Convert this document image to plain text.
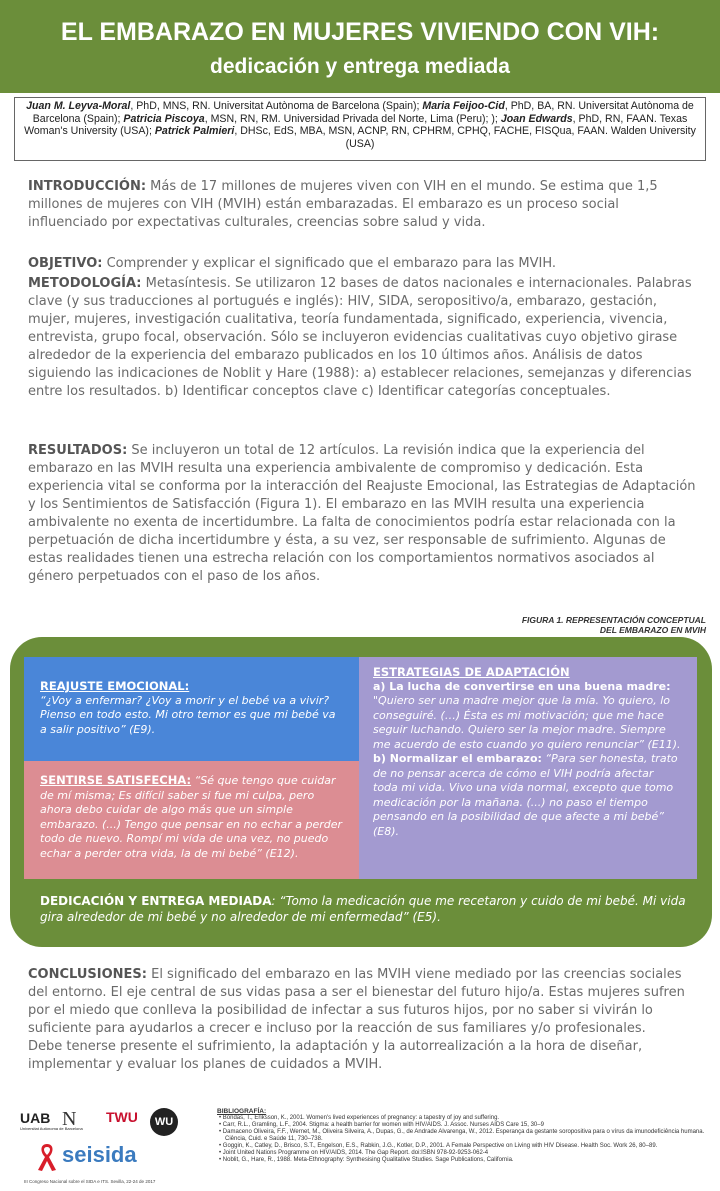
EL EMBARAZO EN MUJERES VIVIENDO CON VIH:
dedicación y entrega mediada
Juan M. Leyva-Moral, PhD, MNS, RN. Universitat Autònoma de Barcelona (Spain); Maria Feijoo-Cid, PhD, BA, RN. Universitat Autònoma de Barcelona (Spain); Patricia Piscoya, MSN, RN, RM. Universidad Privada del Norte, Lima (Peru); ); Joan Edwards, PhD, RN, FAAN. Texas Woman's University (USA); Patrick Palmieri, DHSc, EdS, MBA, MSN, ACNP, RN, CPHRM, CPHQ, FACHE, FISQua, FAAN. Walden University (USA)
INTRODUCCIÓN: Más de 17 millones de mujeres viven con VIH en el mundo. Se estima que 1,5 millones de mujeres con VIH (MVIH) están embarazadas. El embarazo es un proceso social influenciado por expectativas culturales, creencias sobre salud y vida.
OBJETIVO: Comprender y explicar el significado que el embarazo para las MVIH.
METODOLOGÍA: Metasíntesis. Se utilizaron 12 bases de datos nacionales e internacionales. Palabras clave (y sus traducciones al portugués e inglés): HIV, SIDA, seropositivo/a, embarazo, gestación, mujer, mujeres, investigación cualitativa, teoría fundamentada, significado, experiencia, vivencia, entrevista, grupo focal, observación. Sólo se incluyeron evidencias cualitativas cuyo objetivo girase alrededor de la experiencia del embarazo publicados en los 10 últimos años. Análisis de datos siguiendo las indicaciones de Noblit y Hare (1988): a) establecer relaciones, semejanzas y diferencias entre los resultados. b) Identificar conceptos clave c) Identificar categorías conceptuales.
RESULTADOS: Se incluyeron un total de 12 artículos. La revisión indica que la experiencia del embarazo en las MVIH resulta una experiencia ambivalente de compromiso y dedicación. Esta experiencia vital se conforma por la interacción del Reajuste Emocional, las Estrategias de Adaptación y los Sentimientos de Satisfacción (Figura 1). El embarazo en las MVIH resulta una experiencia ambivalente no exenta de incertidumbre. La falta de conocimientos podría estar relacionada con la perpetuación de dicha incertidumbre y ésta, a su vez, ser responsable de sufrimiento. Algunas de estas realidades tienen una estrecha relación con los comportamientos normativos asociados al género perpetuados con el paso de los años.
FIGURA 1. REPRESENTACIÓN CONCEPTUAL
DEL EMBARAZO EN MVIH
REAJUSTE EMOCIONAL:
“¿Voy a enfermar? ¿Voy a morir y el bebé va a vivir? Pienso en todo esto. Mi otro temor es que mi bebé va a salir positivo” (E9).
SENTIRSE SATISFECHA: “Sé que tengo que cuidar de mí misma; Es difícil saber si fue mi culpa, pero ahora debo cuidar de algo más que un simple embarazo. (...) Tengo que pensar en no echar a perder todo de nuevo. Rompí mi vida de una vez, no puedo echar a perder otra vida, la de mi bebé” (E12).
ESTRATEGIAS DE ADAPTACIÓN
a) La lucha de convertirse en una buena madre: "Quiero ser una madre mejor que la mía. Yo quiero, lo conseguiré. (…) Ésta es mi motivación; que me hace seguir luchando. Quiero ser la mejor madre. Siempre me acuerdo de esto cuando yo quiero renunciar” (E11).
b) Normalizar el embarazo: “Para ser honesta, trato de no pensar acerca de cómo el VIH podría afectar toda mi vida. Vivo una vida normal, excepto que tomo medicación por la mañana. (...) no paso el tiempo pensando en la posibilidad de que afecte a mi bebé” (E8).
DEDICACIÓN Y ENTREGA MEDIADA: “Tomo la medicación que me recetaron y cuido de mi bebé. Mi vida gira alrededor de mi bebé y no alrededor de mi enfermedad” (E5).
CONCLUSIONES: El significado del embarazo en las MVIH viene mediado por las creencias sociales del entorno. El eje central de sus vidas pasa a ser el bienestar del futuro hijo/a. Estas mujeres sufren por el miedo que conlleva la posibilidad de infectar a sus futuros hijos, por no saber si vivirán lo suficiente para ayudarlos a crecer e incluso por la reacción de sus familiares y/o profesionales.
Debe tenerse presente el sufrimiento, la adaptación y la autorrealización a la hora de diseñar, implementar y evaluar los planes de cuidados a MVIH.
UAB
Universitat Autònoma de Barcelona
N TWU	WU
seisida
III Congreso Nacional sobre el SIDA e ITS. Sevilla, 22-24 de 2017
BIBLIOGRAFÍA:
• Bondas, T., Eriksson, K., 2001. Women's lived experiences of pregnancy: a tapestry of joy and suffering.
• Carr, R.L., Gramling, L.F., 2004. Stigma: a health barrier for women with HIV/AIDS. J. Assoc. Nurses AIDS Care 15, 30–9
• Damaceno Oliveira, F.F., Wernet, M., Oliveira Silveira, A., Dupas, G., de Andrade Alvarenga, W., 2012. Esperança da gestante soropositiva para o vírus da imunodeficiência humana. Ciência, Cuid. e Saúde 11, 730–738.
• Goggin, K., Catley, D., Brisco, S.T., Engelson, E.S., Rabkin, J.G., Kotler, D.P., 2001. A Female Perspective on Living with HIV Disease. Health Soc. Work 26, 80–89.
• Joint United Nations Programme on HIV/AIDS, 2014. The Gap Report. doi:ISBN 978-92-9253-062-4
• Noblit, G., Hare, R., 1988. Meta-Ethnography: Synthesising Qualitative Studies. Sage Publications, California.
